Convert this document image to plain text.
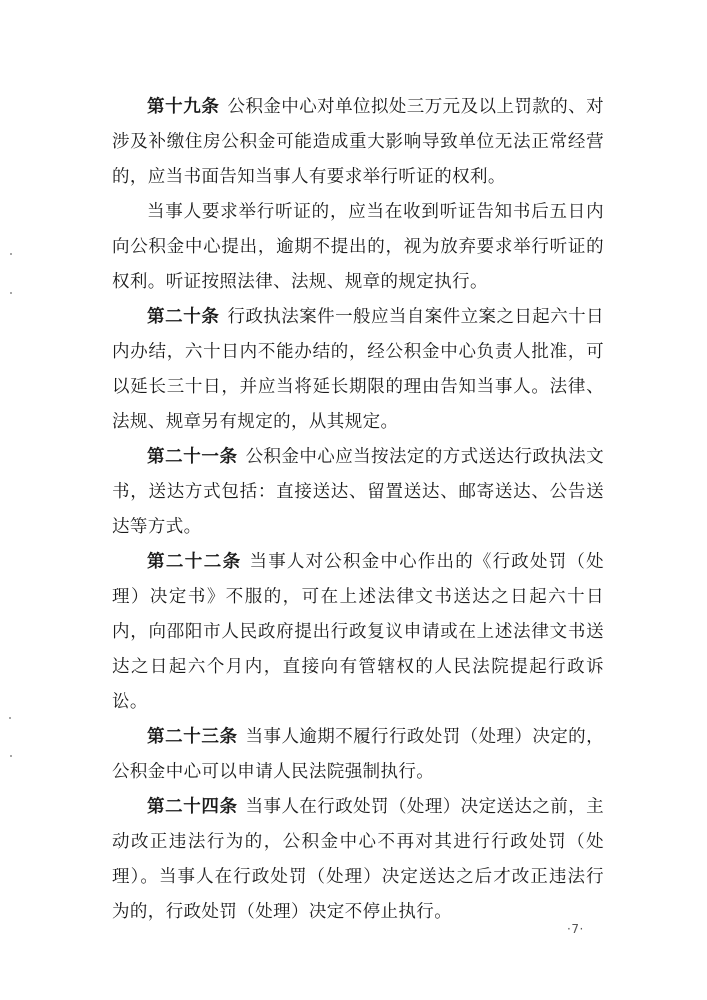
第十九条 公积金中心对单位拟处三万元及以上罚款的、对涉及补缴住房公积金可能造成重大影响导致单位无法正常经营的，应当书面告知当事人有要求举行听证的权利。

当事人要求举行听证的，应当在收到听证告知书后五日内向公积金中心提出，逾期不提出的，视为放弃要求举行听证的权利。听证按照法律、法规、规章的规定执行。

第二十条 行政执法案件一般应当自案件立案之日起六十日内办结，六十日内不能办结的，经公积金中心负责人批准，可以延长三十日，并应当将延长期限的理由告知当事人。法律、法规、规章另有规定的，从其规定。

第二十一条 公积金中心应当按法定的方式送达行政执法文书，送达方式包括：直接送达、留置送达、邮寄送达、公告送达等方式。

第二十二条 当事人对公积金中心作出的《行政处罚（处理）决定书》不服的，可在上述法律文书送达之日起六十日内，向邵阳市人民政府提出行政复议申请或在上述法律文书送达之日起六个月内，直接向有管辖权的人民法院提起行政诉讼。

第二十三条 当事人逾期不履行行政处罚（处理）决定的，公积金中心可以申请人民法院强制执行。

第二十四条 当事人在行政处罚（处理）决定送达之前，主动改正违法行为的，公积金中心不再对其进行行政处罚（处理）。当事人在行政处罚（处理）决定送达之后才改正违法行为的，行政处罚（处理）决定不停止执行。

·7·
